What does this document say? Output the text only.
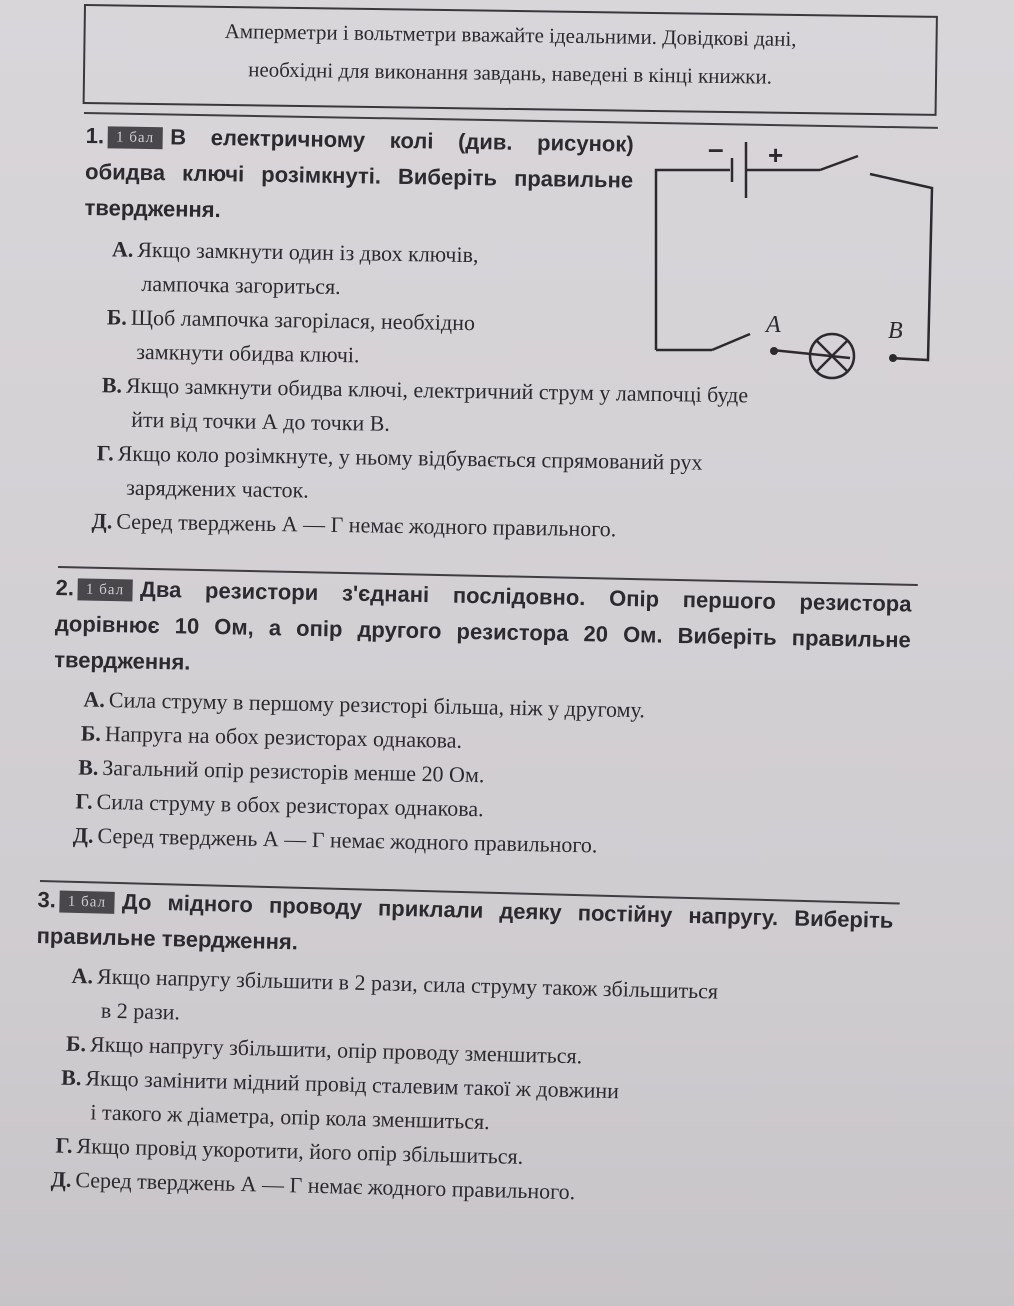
Амперметри і вольтметри вважайте ідеальними. Довідкові дані,
необхідні для виконання завдань, наведені в кінці книжки.
1. 1 бал В електричному колі (див. рисунок) обидва ключі розімкнуті. Виберіть правильне твердження.

А. Якщо замкнути один із двох ключів,
лампочка загориться.

Б. Щоб лампочка загорілася, необхідно
замкнути обидва ключі.

В. Якщо замкнути обидва ключі, електричний струм у лампочці буде
йти від точки А до точки В.

Г. Якщо коло розімкнуте, у ньому відбувається спрямований рух
заряджених часток.

Д. Серед тверджень А — Г немає жодного правильного.

– +
A	B
2. 1 бал Два резистори з'єднані послідовно. Опір першого резистора дорівнює 10 Ом, а опір другого резистора 20 Ом. Виберіть правильне твердження.

А. Сила струму в першому резисторі більша, ніж у другому.

Б. Напруга на обох резисторах однакова.

В. Загальний опір резисторів менше 20 Ом.

Г. Сила струму в обох резисторах однакова.

Д. Серед тверджень А — Г немає жодного правильного.

3. 1 бал До мідного проводу приклали деяку постійну напругу. Виберіть правильне твердження.

А. Якщо напругу збільшити в 2 рази, сила струму також збільшиться
в 2 рази.

Б. Якщо напругу збільшити, опір проводу зменшиться.

В. Якщо замінити мідний провід сталевим такої ж довжини
і такого ж діаметра, опір кола зменшиться.

Г. Якщо провід укоротити, його опір збільшиться.

Д. Серед тверджень А — Г немає жодного правильного.
